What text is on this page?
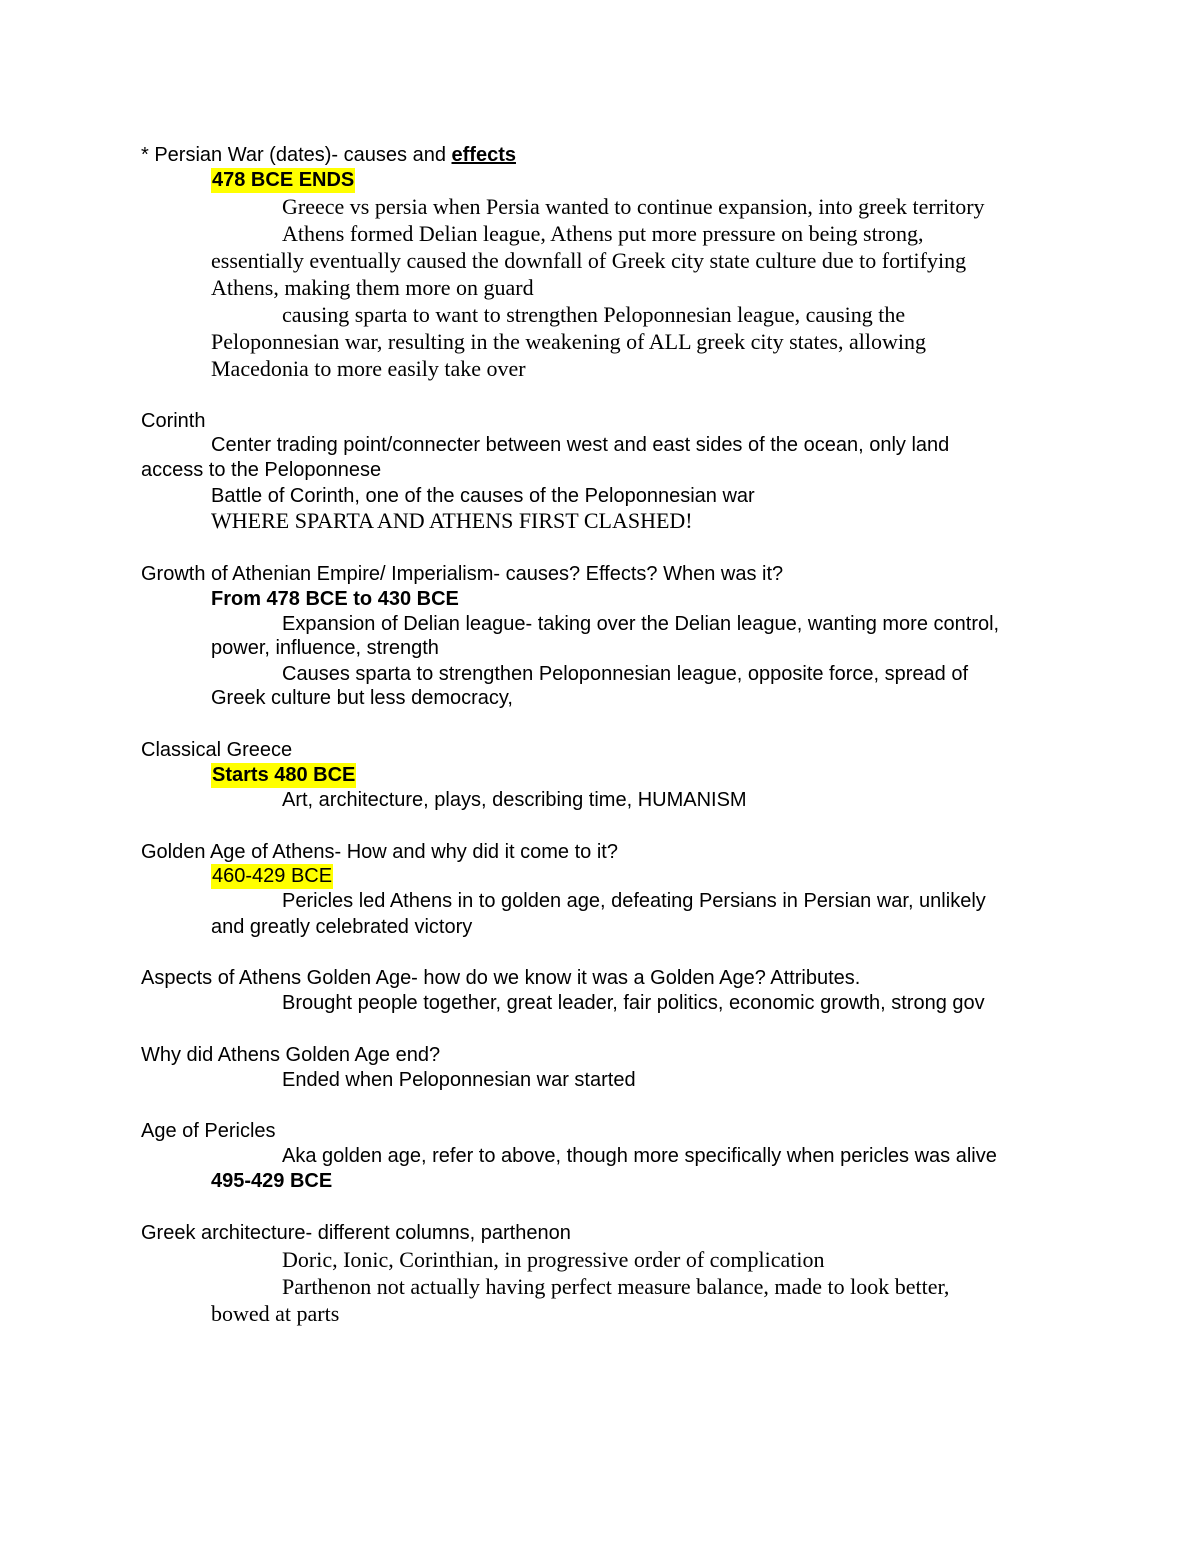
* Persian War (dates)- causes and effects
478 BCE ENDS
Greece vs persia when Persia wanted to continue expansion, into greek territory
Athens formed Delian league, Athens put more pressure on being strong,
essentially eventually caused the downfall of Greek city state culture due to fortifying
Athens, making them more on guard
causing sparta to want to strengthen Peloponnesian league, causing the
Peloponnesian war, resulting in the weakening of ALL greek city states, allowing
Macedonia to more easily take over
Corinth
Center trading point/connecter between west and east sides of the ocean, only land
access to the Peloponnese
Battle of Corinth, one of the causes of the Peloponnesian war
WHERE SPARTA AND ATHENS FIRST CLASHED!
Growth of Athenian Empire/ Imperialism- causes? Effects? When was it?
From 478 BCE to 430 BCE
Expansion of Delian league- taking over the Delian league, wanting more control,
power, influence, strength
Causes sparta to strengthen Peloponnesian league, opposite force, spread of
Greek culture but less democracy,
Classical Greece
Starts 480 BCE
Art, architecture, plays, describing time, HUMANISM
Golden Age of Athens- How and why did it come to it?
460-429 BCE
Pericles led Athens in to golden age, defeating Persians in Persian war, unlikely
and greatly celebrated victory
Aspects of Athens Golden Age- how do we know it was a Golden Age? Attributes.
Brought people together, great leader, fair politics, economic growth, strong gov
Why did Athens Golden Age end?
Ended when Peloponnesian war started
Age of Pericles
Aka golden age, refer to above, though more specifically when pericles was alive
495-429 BCE
Greek architecture- different columns, parthenon
Doric, Ionic, Corinthian, in progressive order of complication
Parthenon not actually having perfect measure balance, made to look better,
bowed at parts
